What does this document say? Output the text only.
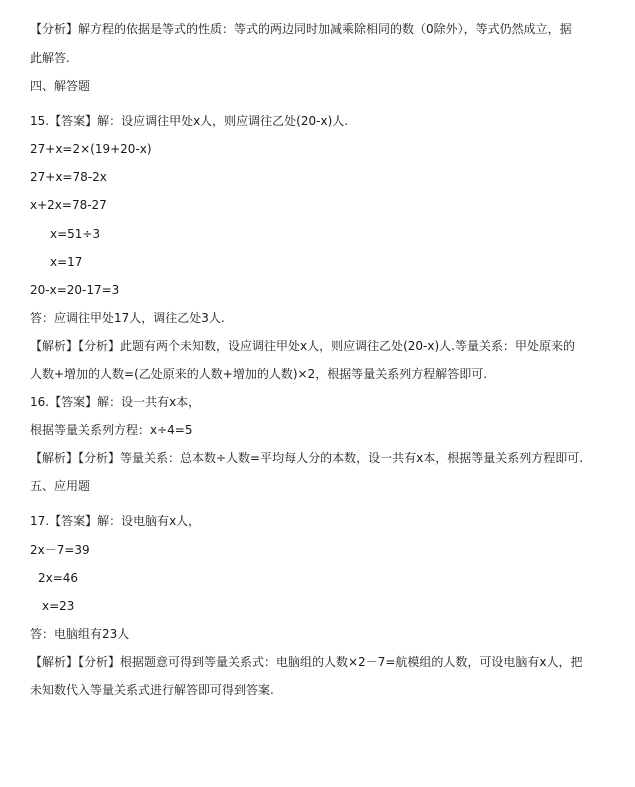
【分析】解方程的依据是等式的性质：等式的两边同时加减乘除相同的数（0除外），等式仍然成立，据
此解答.
四、解答题
15.【答案】解：设应调往甲处x人，则应调往乙处(20-x)人.
27+x=2×(19+20-x)
27+x=78-2x
x+2x=78-27
x=51÷3
x=17
20-x=20-17=3
答：应调往甲处17人，调往乙处3人.
【解析】【分析】此题有两个未知数，设应调往甲处x人，则应调往乙处(20-x)人.等量关系：甲处原来的
人数+增加的人数=(乙处原来的人数+增加的人数)×2，根据等量关系列方程解答即可.
16.【答案】解：设一共有x本，
根据等量关系列方程：x÷4=5
【解析】【分析】等量关系：总本数÷人数=平均每人分的本数，设一共有x本，根据等量关系列方程即可.
五、应用题
17.【答案】解：设电脑有x人，
2x－7=39
2x=46
x=23
答：电脑组有23人
【解析】【分析】根据题意可得到等量关系式：电脑组的人数×2－7=航模组的人数，可设电脑有x人，把
未知数代入等量关系式进行解答即可得到答案.
